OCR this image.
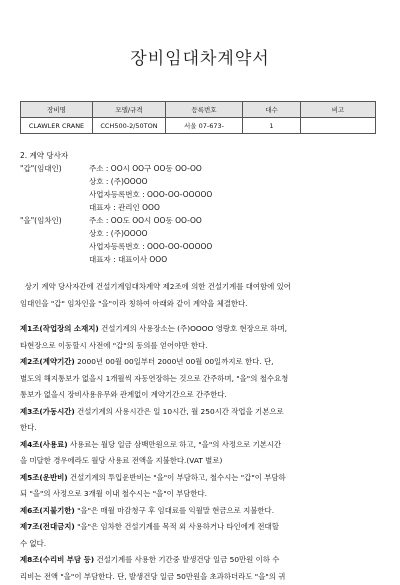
장비임대차계약서
장비명	모델/규격	등록번호	대수	비고
CLAWLER CRANE	CCH500-2/50TON	서울 07-673-	1	
2. 계약 당사자
"갑"(임대인)	주소 : OO시 OO구 OO동 OO-OO
상호 : (주)OOOO
사업자등록번호 : OOO-OO-OOOOO
대표자 : 관리인 OOO
"을"(임차인)	주소 : OO도 OO시 OO동 OO-OO
상호 : (주)OOOO
사업자등록번호 : OOO-OO-OOOOO
대표자 : 대표이사 OOO
상기 계약 당사자간에 건설기계임대차계약 제2조에 의한 건설기계를 대여함에 있어
임대인을 "갑" 임차인을 "을"이라 칭하여 아래와 같이 계약을 체결한다.
제1조(작업장의 소재지) 건설기계의 사용장소는 (주)OOOO 영랑호 현장으로 하며,
타현장으로 이동할시 사전에 "갑"의 동의를 얻어야만 한다.
제2조(계약기간) 2000년 00월 00일부터 2000년 00월 00일까지로 한다. 단,
별도의 해지통보가 없을시 1개월씩 자동연장하는 것으로 간주하며, "을"의 철수요청
통보가 없을시 장비사용유무와 관계없이 계약기간으로 간주한다.
제3조(가동시간) 건설기계의 사용시간은 일 10시간, 월 250시간 작업을 기본으로
한다.
제4조(사용료) 사용료는 월당 일금 삼백만원으로 하고, "을"의 사정으로 기본시간
을 미달한 경우에라도 월당 사용료 전액을 지불한다.(VAT 별로)
제5조(운반비) 건설기계의 투입운반비는 "을"이 부담하고, 철수시는 "갑"이 부담하
되 "을"의 사정으로 3개월 이내 철수시는 "을"이 부담한다.
제6조(지불기한) "을"은 매월 마감청구 후 임대료를 익월말 현금으로 지불한다.
제7조(전대금지) "을"은 임차한 건설기계를 목적 외 사용하거나 타인에게 전대할
수 없다.
제8조(수리비 부담 등) 건설기계를 사용한 기간중 발생건당 일금 50만원 이하 수
리비는 전액 "을"이 부담한다. 단, 발생건당 일금 50만원을 초과하더라도 "을"의 귀
